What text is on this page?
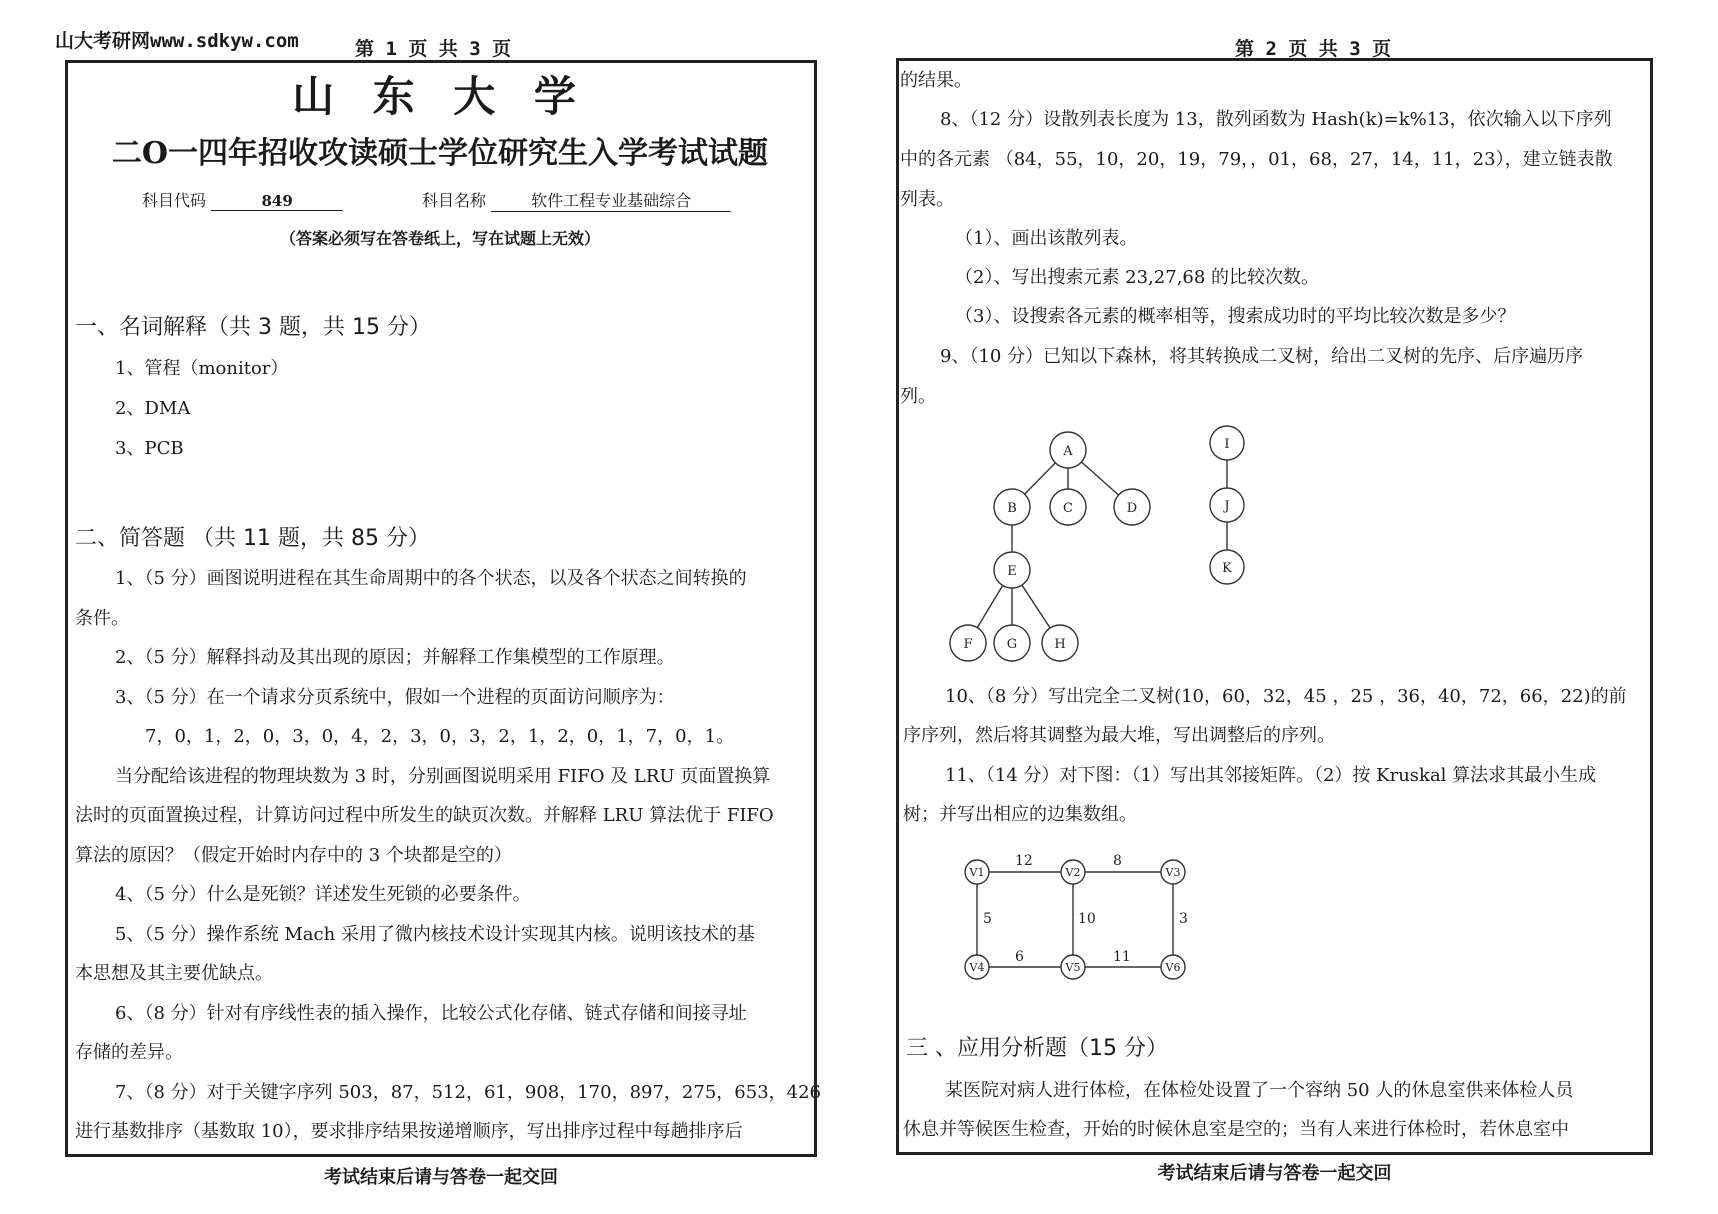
山大考研网www.sdkyw.com	第 1 页 共 3 页
山 东 大 学
二O一四年招收攻读硕士学位研究生入学考试试题
科目代码	849	科目名称	软件工程专业基础综合
（答案必须写在答卷纸上，写在试题上无效）
一、名词解释（共 3 题，共 15 分）
1、管程（monitor）
2、DMA
3、PCB
二、简答题 （共 11 题，共 85 分）
1、（5 分）画图说明进程在其生命周期中的各个状态，以及各个状态之间转换的
条件。
2、（5 分）解释抖动及其出现的原因；并解释工作集模型的工作原理。
3、（5 分）在一个请求分页系统中，假如一个进程的页面访问顺序为：
7，0，1，2，0，3，0，4，2，3，0，3，2，1，2，0，1，7，0，1。
当分配给该进程的物理块数为 3 时，分别画图说明采用 FIFO 及 LRU 页面置换算
法时的页面置换过程，计算访问过程中所发生的缺页次数。并解释 LRU 算法优于 FIFO
算法的原因？（假定开始时内存中的 3 个块都是空的）
4、（5 分）什么是死锁？详述发生死锁的必要条件。
5、（5 分）操作系统 Mach 采用了微内核技术设计实现其内核。说明该技术的基
本思想及其主要优缺点。
6、（8 分）针对有序线性表的插入操作，比较公式化存储、链式存储和间接寻址
存储的差异。
7、（8 分）对于关键字序列 503，87，512，61，908，170，897，275，653，426
进行基数排序（基数取 10），要求排序结果按递增顺序，写出排序过程中每趟排序后
考试结束后请与答卷一起交回
第 2 页 共 3 页
的结果。
8、（12 分）设散列表长度为 13，散列函数为 Hash(k)=k%13，依次输入以下序列
中的各元素 （84，55，10，20，19，79，，01，68，27，14，11，23），建立链表散
列表。
（1）、画出该散列表。
（2）、写出搜索元素 23,27,68 的比较次数。
（3）、设搜索各元素的概率相等，搜索成功时的平均比较次数是多少？
9、（10 分）已知以下森林，将其转换成二叉树，给出二叉树的先序、后序遍历序
列。
A
B	C	D
E
F	G	H
I
J
K
10、（8 分）写出完全二叉树(10，60，32，45 ，25 ，36，40，72，66，22)的前
序序列，然后将其调整为最大堆，写出调整后的序列。
11、（14 分）对下图：（1）写出其邻接矩阵。（2）按 Kruskal 算法求其最小生成
树；并写出相应的边集数组。
V1	V2	V3
V4	V5	V6
12	8
5	10	3
6	11
三 、应用分析题（15 分）
某医院对病人进行体检，在体检处设置了一个容纳 50 人的休息室供来体检人员
休息并等候医生检查，开始的时候休息室是空的；当有人来进行体检时，若休息室中
考试结束后请与答卷一起交回
